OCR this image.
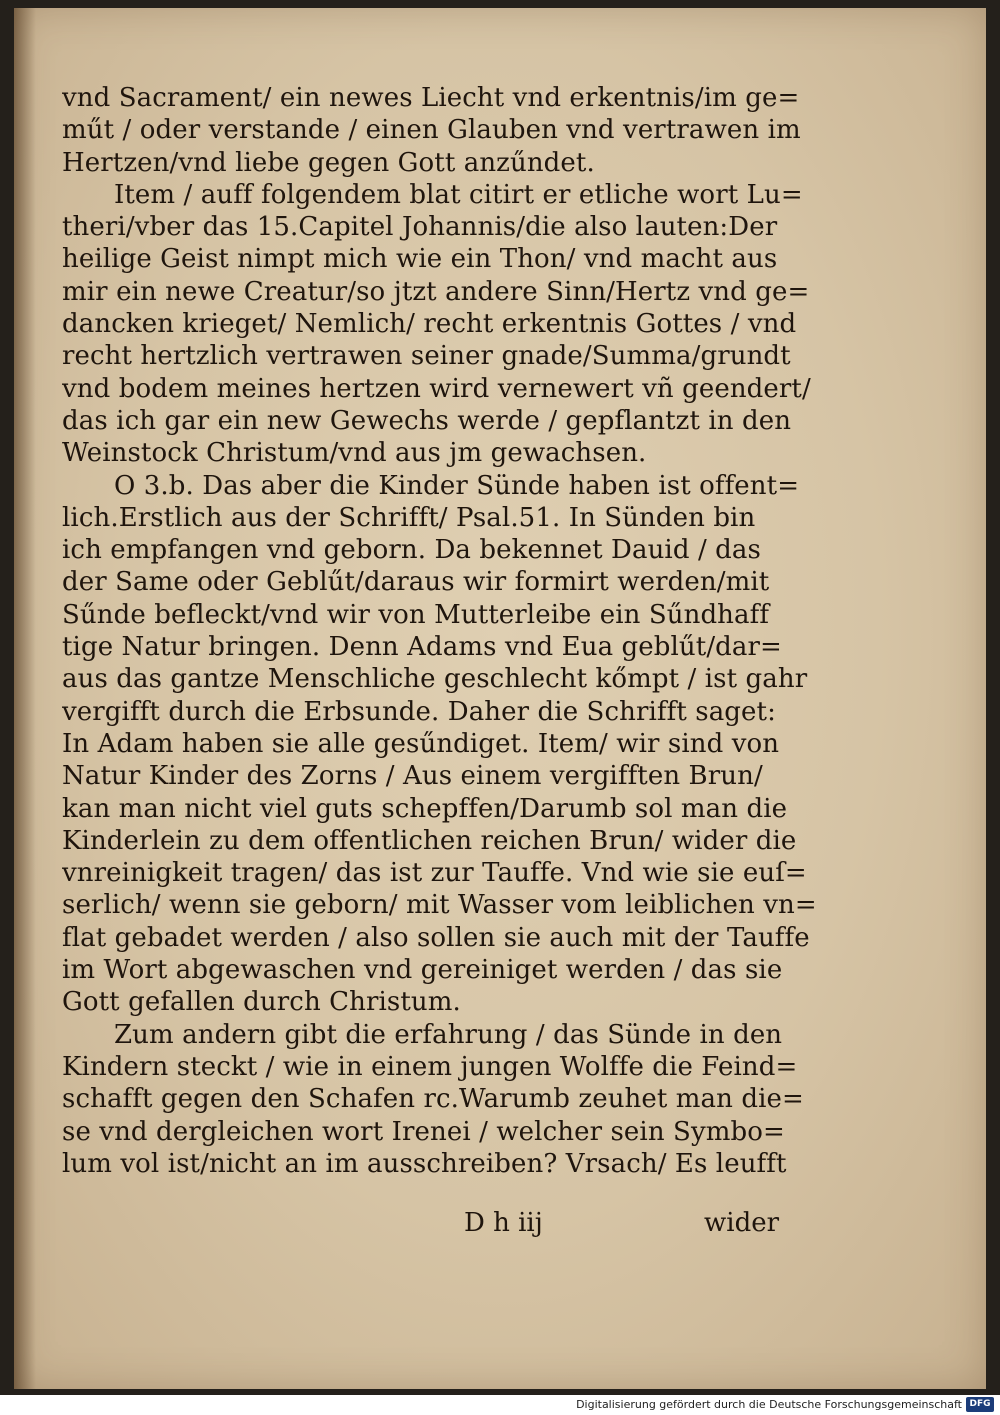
vnd Sacrament/ ein newes Liecht vnd erkentnis/im ge=
műt / oder verstande / einen Glauben vnd vertrawen im
Hertzen/vnd liebe gegen Gott anzűndet.
Item / auff folgendem blat citirt er etliche wort Lu=
theri/vber das 15.Capitel Johannis/die also lauten:Der
heilige Geist nimpt mich wie ein Thon/ vnd macht aus
mir ein newe Creatur/so jtzt andere Sinn/Hertz vnd ge=
dancken krieget/ Nemlich/ recht erkentnis Gottes / vnd
recht hertzlich vertrawen seiner gnade/Summa/grundt
vnd bodem meines hertzen wird vernewert vñ geendert/
das ich gar ein new Gewechs werde / gepflantzt in den
Weinstock Christum/vnd aus jm gewachsen.
O 3.b. Das aber die Kinder Sünde haben ist offent=
lich.Erstlich aus der Schrifft/ Psal.51. In Sünden bin
ich empfangen vnd geborn. Da bekennet Dauid / das
der Same oder Geblűt/daraus wir formirt werden/mit
Sűnde befleckt/vnd wir von Mutterleibe ein Sűndhaff
tige Natur bringen. Denn Adams vnd Eua geblűt/dar=
aus das gantze Menschliche geschlecht kőmpt / ist gahr
vergifft durch die Erbsunde. Daher die Schrifft saget:
In Adam haben sie alle gesűndiget. Item/ wir sind von
Natur Kinder des Zorns / Aus einem vergifften Brun/
kan man nicht viel guts schepffen/Darumb sol man die
Kinderlein zu dem offentlichen reichen Brun/ wider die
vnreinigkeit tragen/ das ist zur Tauffe. Vnd wie sie euſ=
serlich/ wenn sie geborn/ mit Wasser vom leiblichen vn=
flat gebadet werden / also sollen sie auch mit der Tauffe
im Wort abgewaschen vnd gereiniget werden / das sie
Gott gefallen durch Christum.
Zum andern gibt die erfahrung / das Sünde in den
Kindern steckt / wie in einem jungen Wolffe die Feind=
schafft gegen den Schafen rc.Warumb zeuhet man die=
se vnd dergleichen wort Irenei / welcher sein Symbo=
lum vol ist/nicht an im ausschreiben? Vrsach/ Es leufft
D h iij	wider
Digitalisierung gefördert durch die Deutsche Forschungsgemeinschaft DFG
